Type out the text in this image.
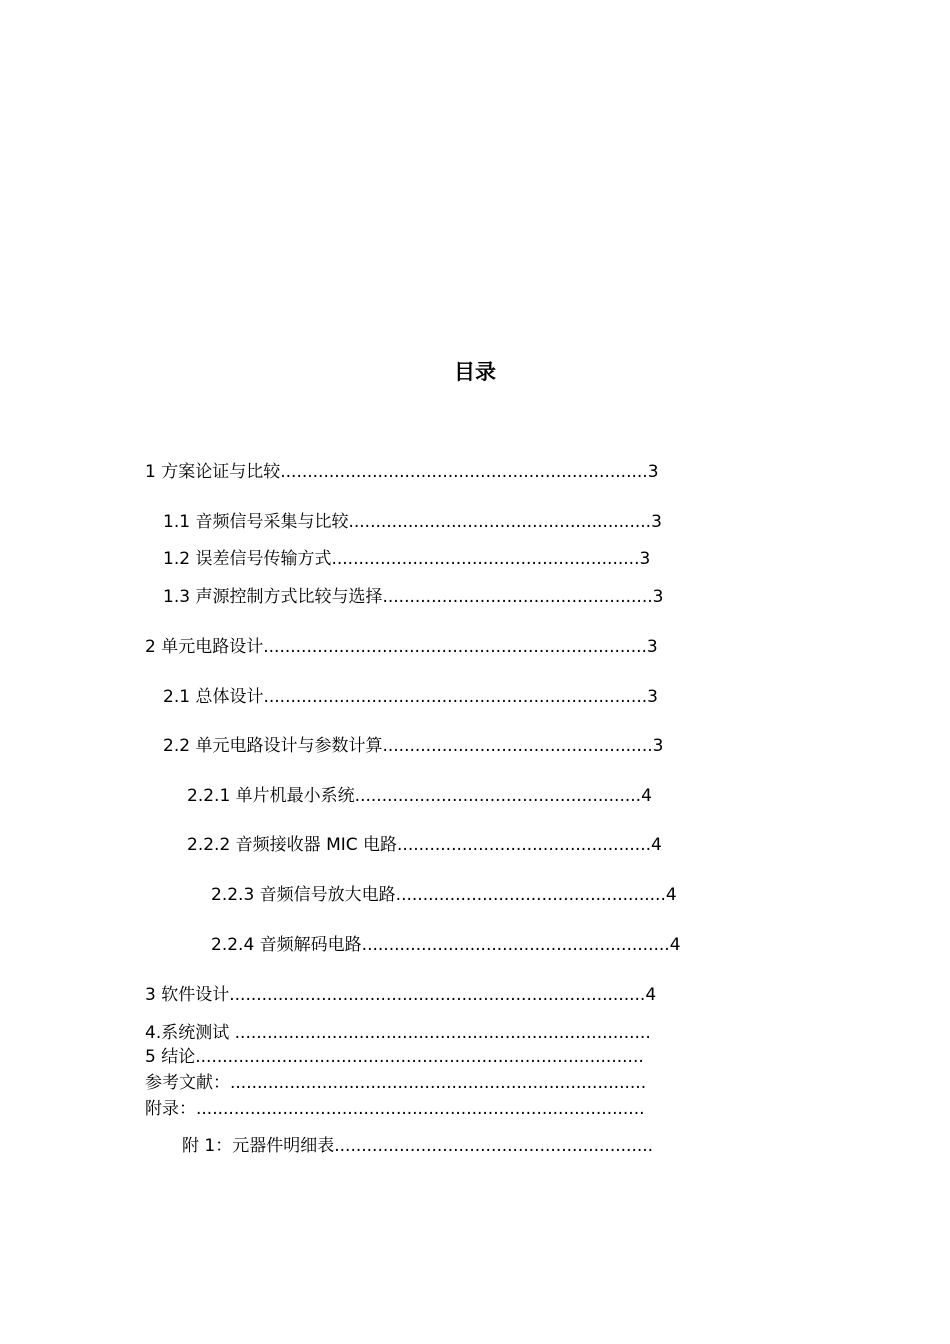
目录
1 方案论证与比较....................................................................3
1.1 音频信号采集与比较........................................................3
1.2 误差信号传输方式.........................................................3
1.3 声源控制方式比较与选择..................................................3
2 单元电路设计.......................................................................3
2.1 总体设计.......................................................................3
2.2 单元电路设计与参数计算..................................................3
2.2.1 单片机最小系统.....................................................4
2.2.2 音频接收器 MIC 电路...............................................4
2.2.3 音频信号放大电路..................................................4
2.2.4 音频解码电路.........................................................4
3 软件设计.............................................................................4
4.系统测试 .............................................................................
5 结论...................................................................................
参考文献：.............................................................................
附录：...................................................................................
附 1：元器件明细表...........................................................
